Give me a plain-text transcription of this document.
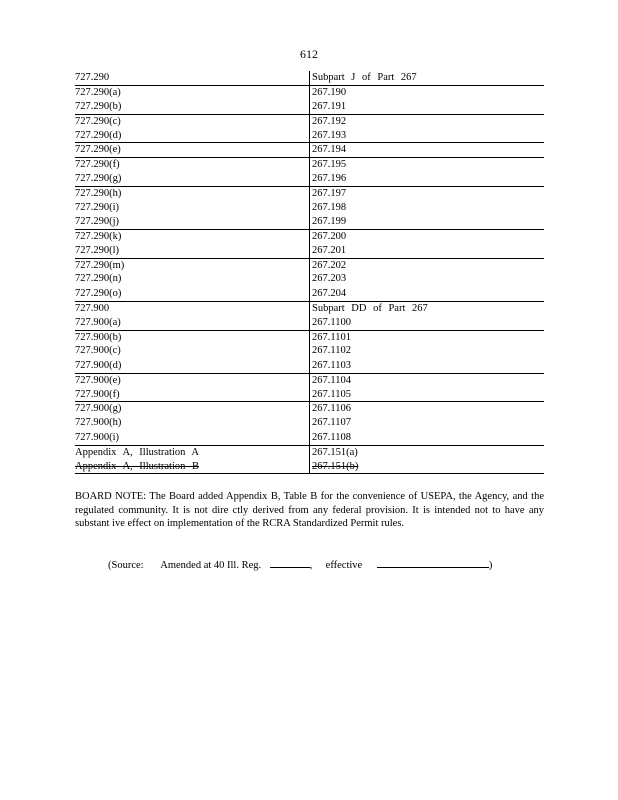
612
727.290	Subpart J of Part 267
727.290(a)	267.190
727.290(b)	267.191
727.290(c)	267.192
727.290(d)	267.193
727.290(e)	267.194
727.290(f)	267.195
727.290(g)	267.196
727.290(h)	267.197
727.290(i)	267.198
727.290(j)	267.199
727.290(k)	267.200
727.290(l)	267.201
727.290(m)	267.202
727.290(n)	267.203
727.290(o)	267.204
727.900	Subpart DD of Part 267
727.900(a)	267.1100
727.900(b)	267.1101
727.900(c)	267.1102
727.900(d)	267.1103
727.900(e)	267.1104
727.900(f)	267.1105
727.900(g)	267.1106
727.900(h)	267.1107
727.900(i)	267.1108
Appendix A, Illustration A	267.151(a)
Appendix A, Illustration B	267.151(b)

BOARD NOTE: The Board added Appendix B, Table B for the convenience of USEPA, the Agency, and the regulated community. It is not dire ctly derived from any federal provision. It is intended not to have any substant ive effect on implementation of the RCRA Standardized Permit rules.

(Source: Amended at 40 Ill. Reg.	, effective	)
